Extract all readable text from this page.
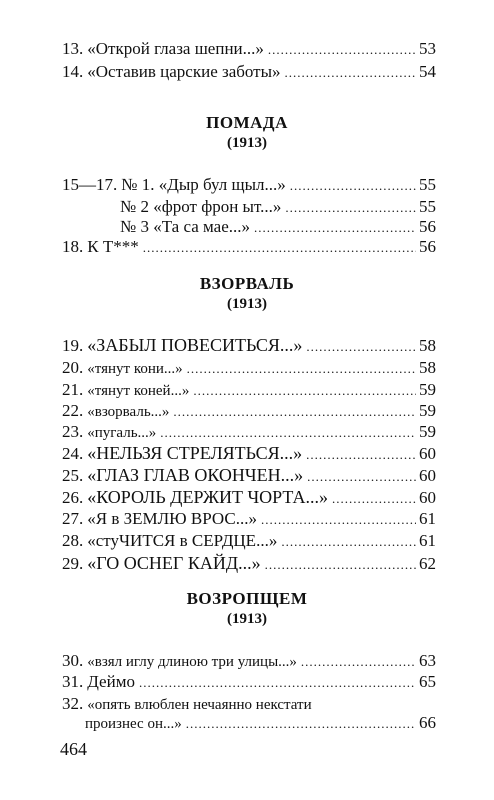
13. «Открой глаза шепни...» .....	53
14. «Оставив царские заботы» .....	54
ПОМАДА
(1913)
15—17. № 1. «Дыр бул щыл...» .....	55
№ 2 «фрот фрон ыт...» .....	55
№ 3 «Та са мае...» .....	56
18. К Т*** .....	56
ВЗОРВАЛЬ
(1913)
19. «ЗАБЫЛ ПОВЕСИТЬСЯ...» .....	58
20. «тянут кони...» .....	58
21. «тянут коней...» .....	59
22. «взорваль...» .....	59
23. «пугаль...» .....	59
24. «НЕЛЬЗЯ СТРЕЛЯТЬСЯ...» .....	60
25. «ГЛАЗ ГЛАВ ОКОНЧЕН...» .....	60
26. «КОРОЛЬ ДЕРЖИТ ЧОРТА...» .....	60
27. «Я в ЗЕМЛЮ ВРОС...» .....	61
28. «стуЧИТСЯ в СЕРДЦЕ...» .....	61
29. «ГО ОСНЕГ КАЙД...» .....	62
ВОЗРОПЩЕМ
(1913)
30. «взял иглу длиною три улицы...» .....	63
31. Деймо .....	65
32. «опять влюблен нечаянно некстати
произнес он...» .....	66
464
